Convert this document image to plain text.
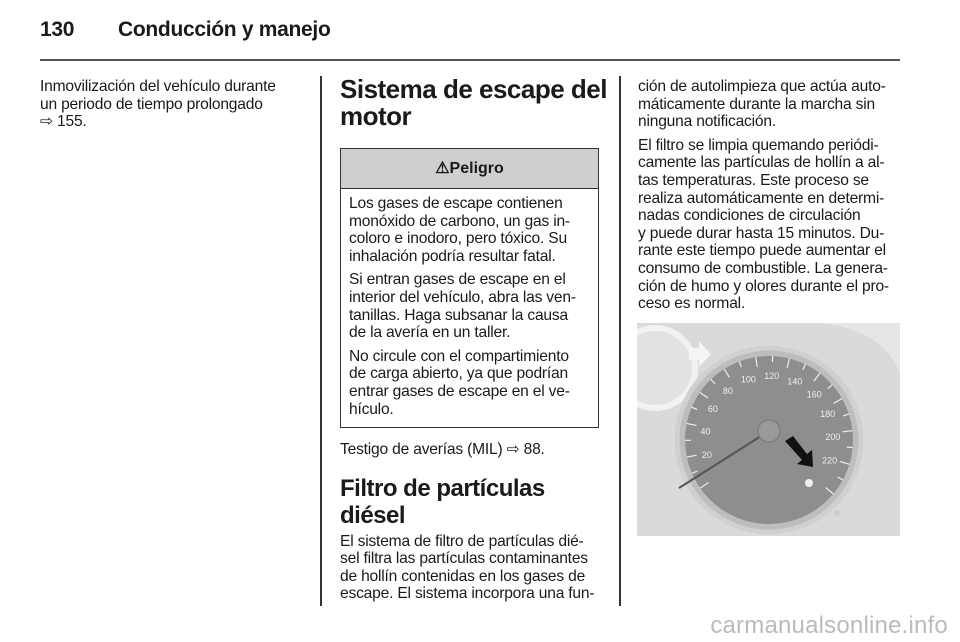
130 Conducción y manejo

Inmovilización del vehículo durante
un periodo de tiempo prolongado
⇨ 155.

Sistema de escape del
motor
⚠Peligro

Los gases de escape contienen
monóxido de carbono, un gas in-
coloro e inodoro, pero tóxico. Su
inhalación podría resultar fatal.

Si entran gases de escape en el
interior del vehículo, abra las ven-
tanillas. Haga subsanar la causa
de la avería en un taller.

No circule con el compartimiento
de carga abierto, ya que podrían
entrar gases de escape en el ve-
hículo.

Testigo de averías (MIL) ⇨ 88.

Filtro de partículas diésel

El sistema de filtro de partículas dié-
sel filtra las partículas contaminantes
de hollín contenidas en los gases de
escape. El sistema incorpora una fun-

ción de autolimpieza que actúa auto-
máticamente durante la marcha sin
ninguna notificación.

El filtro se limpia quemando periódi-
camente las partículas de hollín a al-
tas temperaturas. Este proceso se
realiza automáticamente en determi-
nadas condiciones de circulación
y puede durar hasta 15 minutos. Du-
rante este tiempo puede aumentar el
consumo de combustible. La genera-
ción de humo y olores durante el pro-
ceso es normal.

20
40
60
80
100 120
140
160
180
200
220
carmanualsonline.info
